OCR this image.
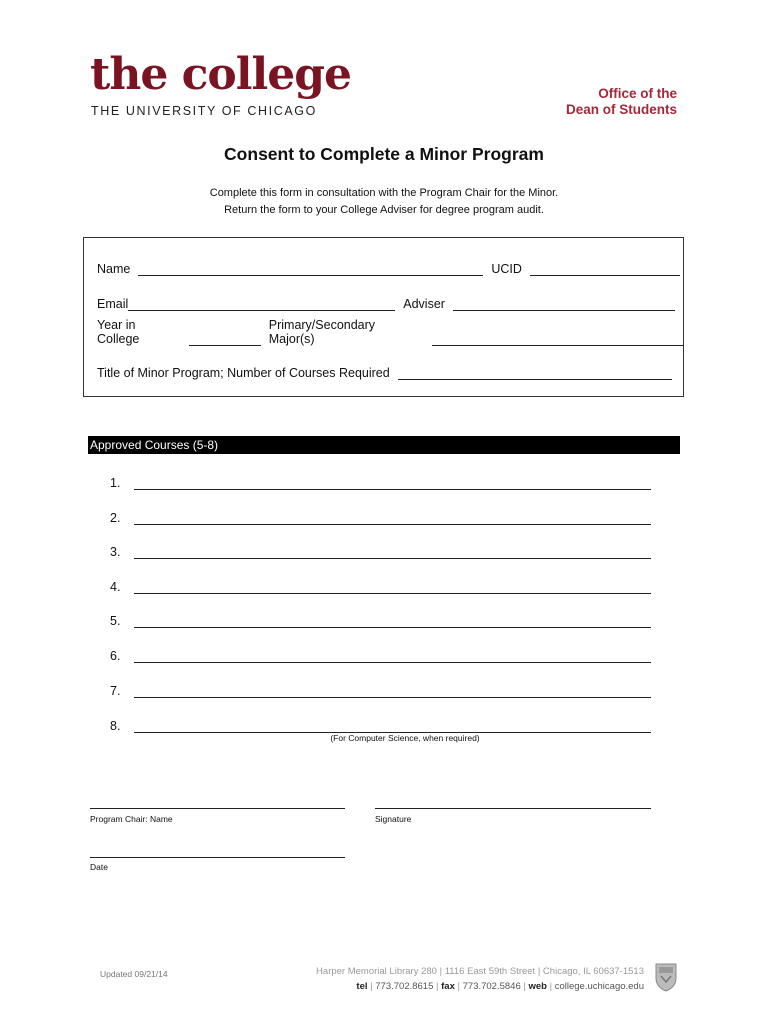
the college
THE UNIVERSITY OF CHICAGO
Office of the
Dean of Students
Consent to Complete a Minor Program
Complete this form in consultation with the Program Chair for the Minor.
Return the form to your College Adviser for degree program audit.
Name	UCID
Email	Adviser
Year in College
Primary/Secondary Major(s)
Title of Minor Program; Number of Courses Required
Approved Courses (5-8)
1.
2.
3.
4.
5.
6.
7.
8.
(For Computer Science, when required)
Program Chair: Name	Signature
Date
Updated 09/21/14	Harper Memorial Library 280 | 1116 East 59th Street | Chicago, IL 60637-1513
tel | 773.702.8615 | fax | 773.702.5846 | web | college.uchicago.edu
